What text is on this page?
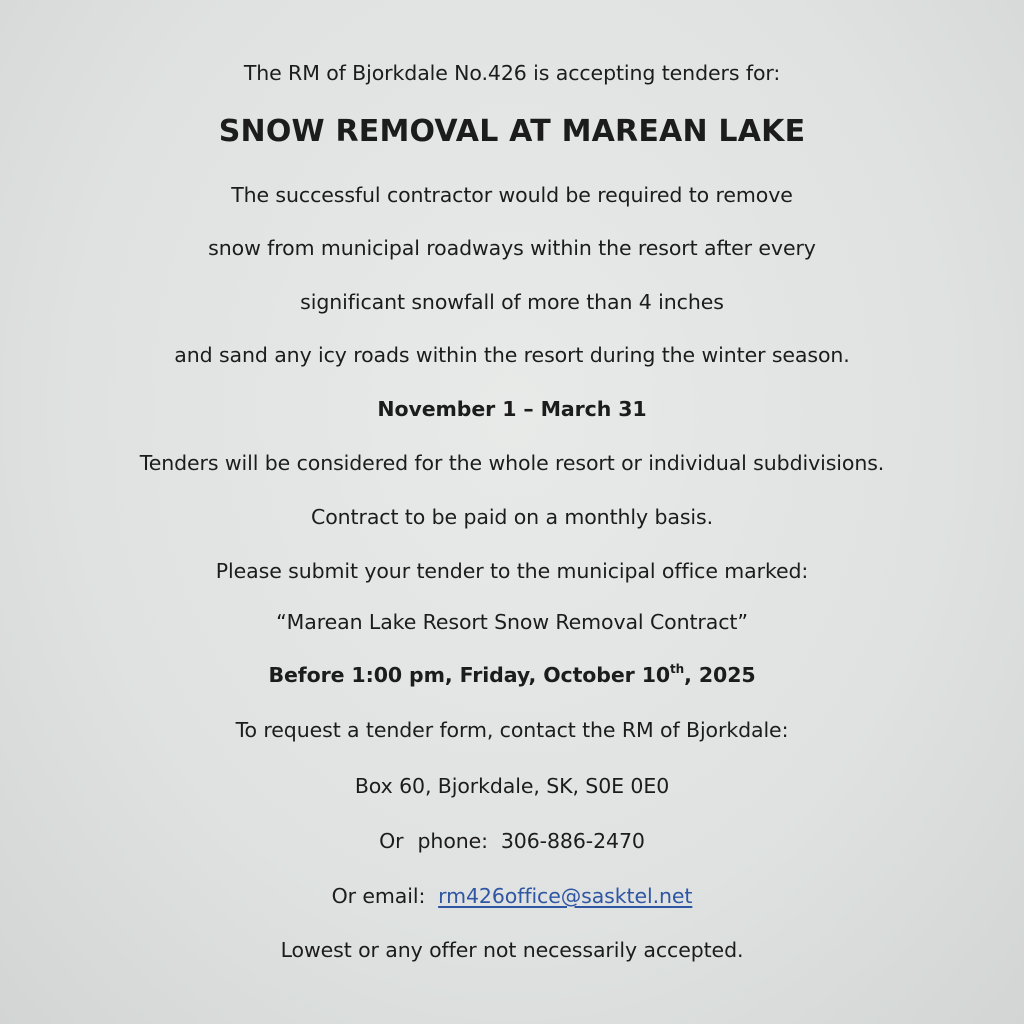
The RM of Bjorkdale No.426 is accepting tenders for:
SNOW REMOVAL AT MAREAN LAKE
The successful contractor would be required to remove
snow from municipal roadways within the resort after every
significant snowfall of more than 4 inches
and sand any icy roads within the resort during the winter season.
November 1 – March 31
Tenders will be considered for the whole resort or individual subdivisions.
Contract to be paid on a monthly basis.
Please submit your tender to the municipal office marked:
“Marean Lake Resort Snow Removal Contract”
Before 1:00 pm, Friday, October 10th, 2025
To request a tender form, contact the RM of Bjorkdale:
Box 60, Bjorkdale, SK, S0E 0E0
Or phone: 306-886-2470
Or email: rm426office@sasktel.net
Lowest or any offer not necessarily accepted.
